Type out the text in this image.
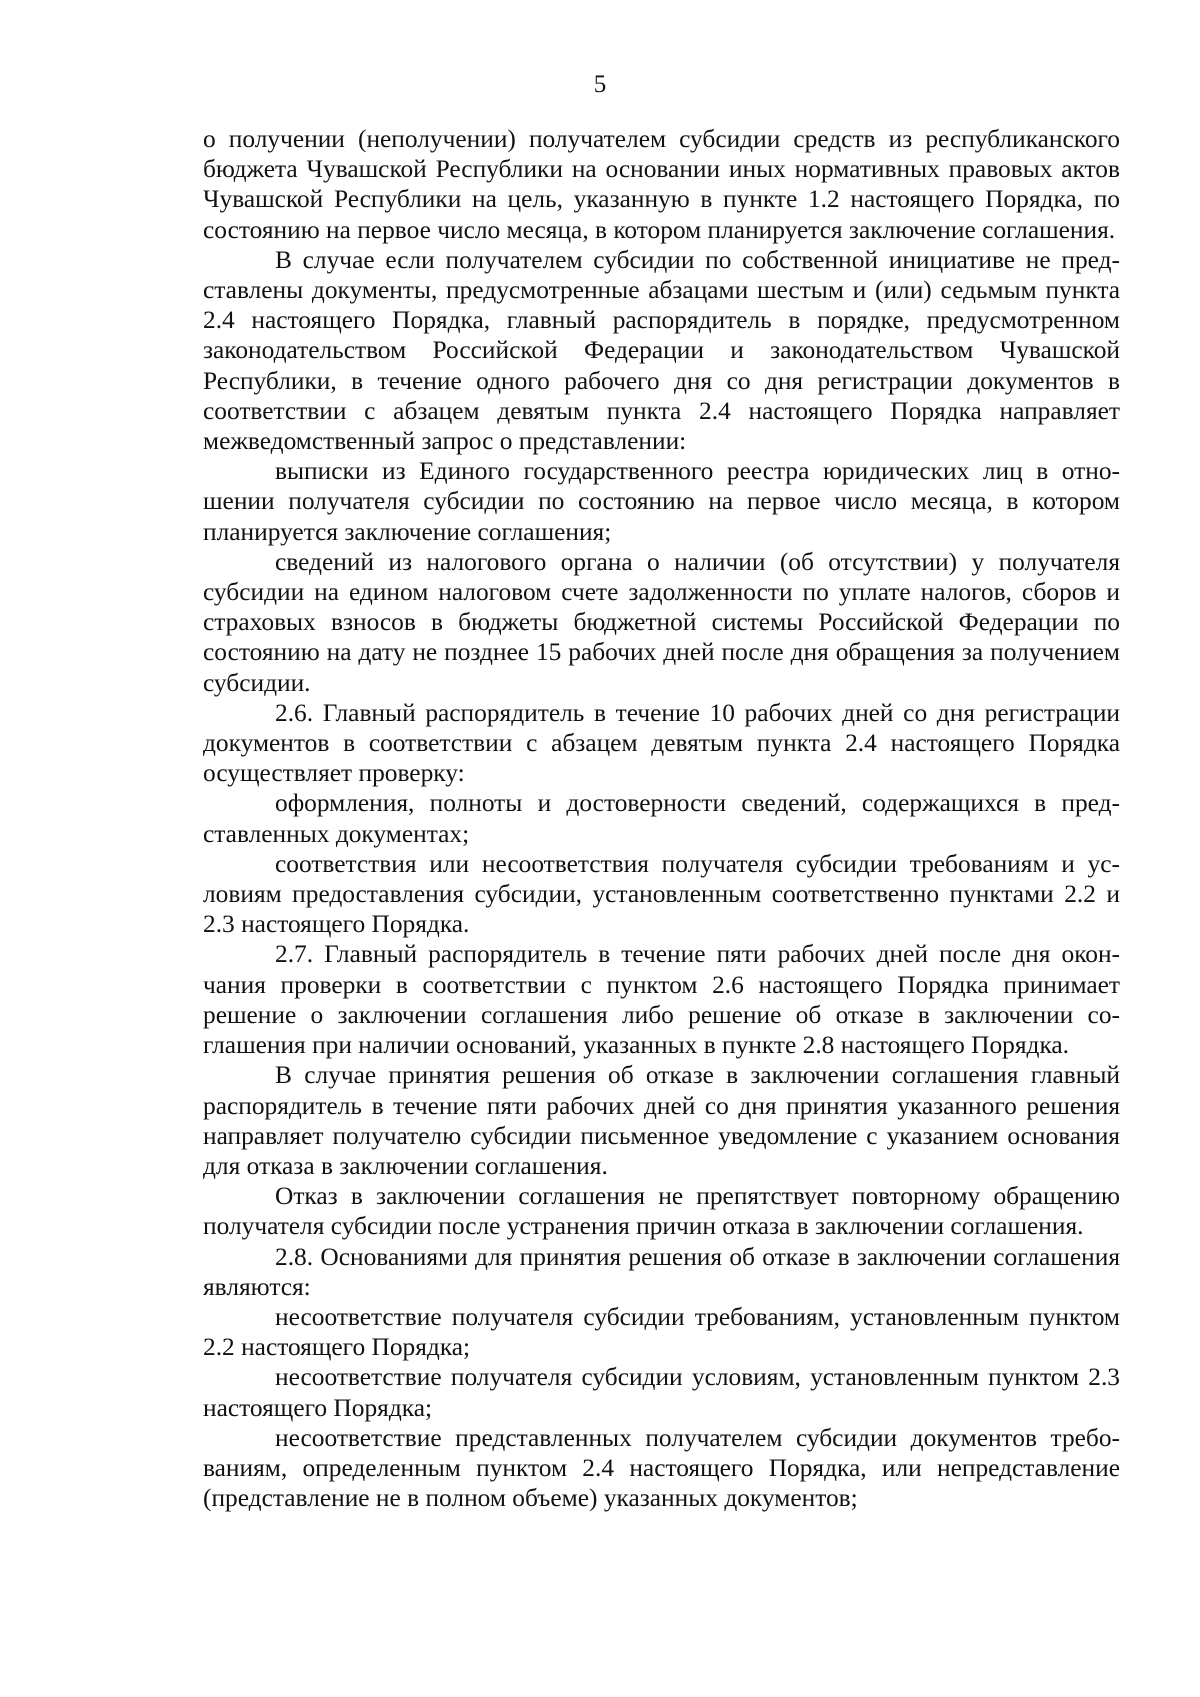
5

о получении (неполучении) получателем субсидии средств из республиканского бюджета Чувашской Республики на основании иных нормативных правовых актов Чувашской Республики на цель, указанную в пункте 1.2 настоящего Порядка, по состоянию на первое число месяца, в котором планируется заключение соглашения.

В случае если получателем субсидии по собственной инициативе не представлены документы, предусмотренные абзацами шестым и (или) седьмым пункта 2.4 настоящего Порядка, главный распорядитель в порядке, предусмотренном законодательством Российской Федерации и законодательством Чувашской Республики, в течение одного рабочего дня со дня регистрации документов в соответствии с абзацем девятым пункта 2.4 настоящего Порядка направляет межведомственный запрос о представлении:

выписки из Единого государственного реестра юридических лиц в отношении получателя субсидии по состоянию на первое число месяца, в котором планируется заключение соглашения;

сведений из налогового органа о наличии (об отсутствии) у получателя субсидии на едином налоговом счете задолженности по уплате налогов, сборов и страховых взносов в бюджеты бюджетной системы Российской Федерации по состоянию на дату не позднее 15 рабочих дней после дня обращения за получением субсидии.

2.6. Главный распорядитель в течение 10 рабочих дней со дня регистрации документов в соответствии с абзацем девятым пункта 2.4 настоящего Порядка осуществляет проверку:

оформления, полноты и достоверности сведений, содержащихся в представленных документах;

соответствия или несоответствия получателя субсидии требованиям и условиям предоставления субсидии, установленным соответственно пунктами 2.2 и 2.3 настоящего Порядка.

2.7. Главный распорядитель в течение пяти рабочих дней после дня окончания проверки в соответствии с пунктом 2.6 настоящего Порядка принимает решение о заключении соглашения либо решение об отказе в заключении соглашения при наличии оснований, указанных в пункте 2.8 настоящего Порядка.

В случае принятия решения об отказе в заключении соглашения главный распорядитель в течение пяти рабочих дней со дня принятия указанного решения направляет получателю субсидии письменное уведомление с указанием основания для отказа в заключении соглашения.

Отказ в заключении соглашения не препятствует повторному обращению получателя субсидии после устранения причин отказа в заключении соглашения.

2.8. Основаниями для принятия решения об отказе в заключении соглашения являются:

несоответствие получателя субсидии требованиям, установленным пунктом 2.2 настоящего Порядка;

несоответствие получателя субсидии условиям, установленным пунктом 2.3 настоящего Порядка;

несоответствие представленных получателем субсидии документов требованиям, определенным пунктом 2.4 настоящего Порядка, или непредставление (представление не в полном объеме) указанных документов;
